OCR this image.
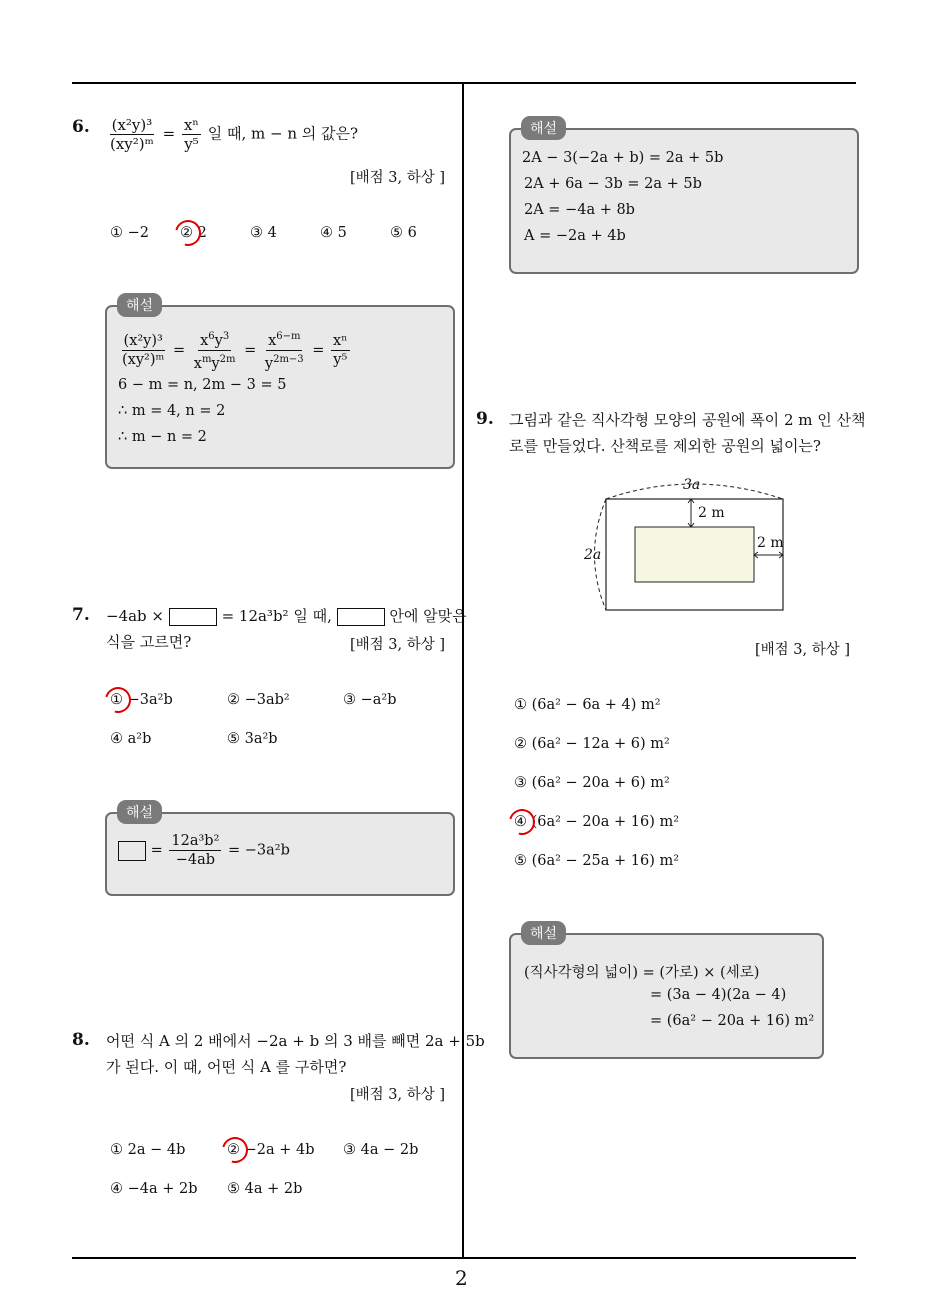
2
6. $\frac{\text{(x²y)³}}{\text{(xy²)ᵐ}} = \frac{\text{xⁿ}}{\text{y⁵}}$ 일 때, m − n 의 값은?
[배점 3, 하상 ]
① −2 ② 2	③ 4	④ 5	⑤ 6
해설
$\frac{\text{(x²y)³}}{\text{(xy²)ᵐ}} = \frac{x^6y^3}{x^my^{2m}} = \frac{x^{6-m}}{y^{2m-3}} = \frac{\text{xⁿ}}{\text{y⁵}}$
6 − m = n, 2m − 3 = 5
∴ m = 4, n = 2
∴ m − n = 2
7. −4ab ×	= 12a³b² 일 때,	안에 알맞은
식을 고르면?	[배점 3, 하상 ]
① −3a²b	② −3ab²	③ −a²b
④ a²b	⑤ 3a²b
해설
= $\frac{\text{12a³b²}}{-4ab} = -3a^2b$
8. 어떤 식 A 의 2 배에서 −2a + b 의 3 배를 빼면 2a + 5b
가 된다. 이 때, 어떤 식 A 를 구하면?
[배점 3, 하상 ]
① 2a − 4b	② −2a + 4b ③ 4a − 2b
④ −4a + 2b ⑤ 4a + 2b
해설
2A − 3(−2a + b) = 2a + 5b
2A + 6a − 3b = 2a + 5b
2A = −4a + 8b
A = −2a + 4b
9. 그림과 같은 직사각형 모양의 공원에 폭이 2 m 인 산책
로를 만들었다. 산책로를 제외한 공원의 넓이는?
3a
2a
2 m
2 m
[배점 3, 하상 ]
① (6a² − 6a + 4) m²
② (6a² − 12a + 6) m²
③ (6a² − 20a + 6) m²
④ (6a² − 20a + 16) m²
⑤ (6a² − 25a + 16) m²
해설
(직사각형의 넓이) = (가로) × (세로)
= (3a − 4)(2a − 4)
= (6a² − 20a + 16) m²
